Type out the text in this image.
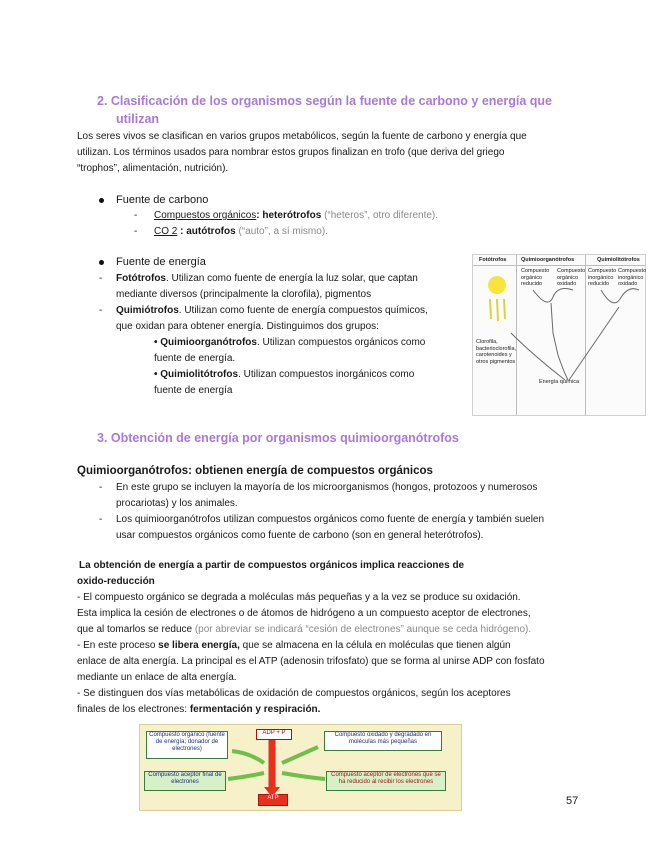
2. Clasificación de los organismos según la fuente de carbono y energía que
utilizan
Los seres vivos se clasifican en varios grupos metabólicos, según la fuente de carbono y energía que
utilizan. Los términos usados para nombrar estos grupos finalizan en trofo (que deriva del griego
“trophos”, alimentación, nutrición).
Fuente de carbono
- Compuestos orgánicos: heterótrofos (“heteros”, otro diferente).
- CO 2 : autótrofos (“auto”, a sí mismo).
Fuente de energía
- Fotótrofos. Utilizan como fuente de energía la luz solar, que captan
mediante diversos (principalmente la clorofila), pigmentos
- Quimiótrofos. Utilizan como fuente de energía compuestos químicos,
que oxidan para obtener energía. Distinguimos dos grupos:
• Quimioorganótrofos. Utilizan compuestos orgánicos como
fuente de energía.
• Quimiolitótrofos. Utilizan compuestos inorgánicos como
fuente de energía
Fotótrofos	Quimioorganótrofos	Quimiolitótrofos
Compuesto orgánico reducido
Compuesto orgánico oxidado
Compuesto inorgánico reducido
Compuesto inorgánico oxidado
Clorofila, bacterioclorofila, carotenoides y otros pigmentos
Energía química
3. Obtención de energía por organismos quimioorganótrofos
Quimioorganótrofos: obtienen energía de compuestos orgánicos
- En este grupo se incluyen la mayoría de los microorganismos (hongos, protozoos y numerosos
procariotas) y los animales.
- Los quimioorganótrofos utilizan compuestos orgánicos como fuente de energía y también suelen
usar compuestos orgánicos como fuente de carbono (son en general heterótrofos).
La obtención de energía a partir de compuestos orgánicos implica reacciones de
oxido-reducción
- El compuesto orgánico se degrada a moléculas más pequeñas y a la vez se produce su oxidación.
Esta implica la cesión de electrones o de átomos de hidrógeno a un compuesto aceptor de electrones,
que al tomarlos se reduce (por abreviar se indicará “cesión de electrones” aunque se ceda hidrógeno).
- En este proceso se libera energía, que se almacena en la célula en moléculas que tienen algún
enlace de alta energía. La principal es el ATP (adenosin trifosfato) que se forma al unirse ADP con fosfato
mediante un enlace de alta energía.
- Se distinguen dos vías metabólicas de oxidación de compuestos orgánicos, según los aceptores
finales de los electrones: fermentación y respiración.
Compuesto orgánico (fuente de energía; donador de electrones)
ADP + P	Compuesto oxidado y degradado en moléculas más pequeñas
Compuesto aceptor final de electrones
Compuesto aceptor de electrones que se ha reducido al recibir los electrones
ATP	57
